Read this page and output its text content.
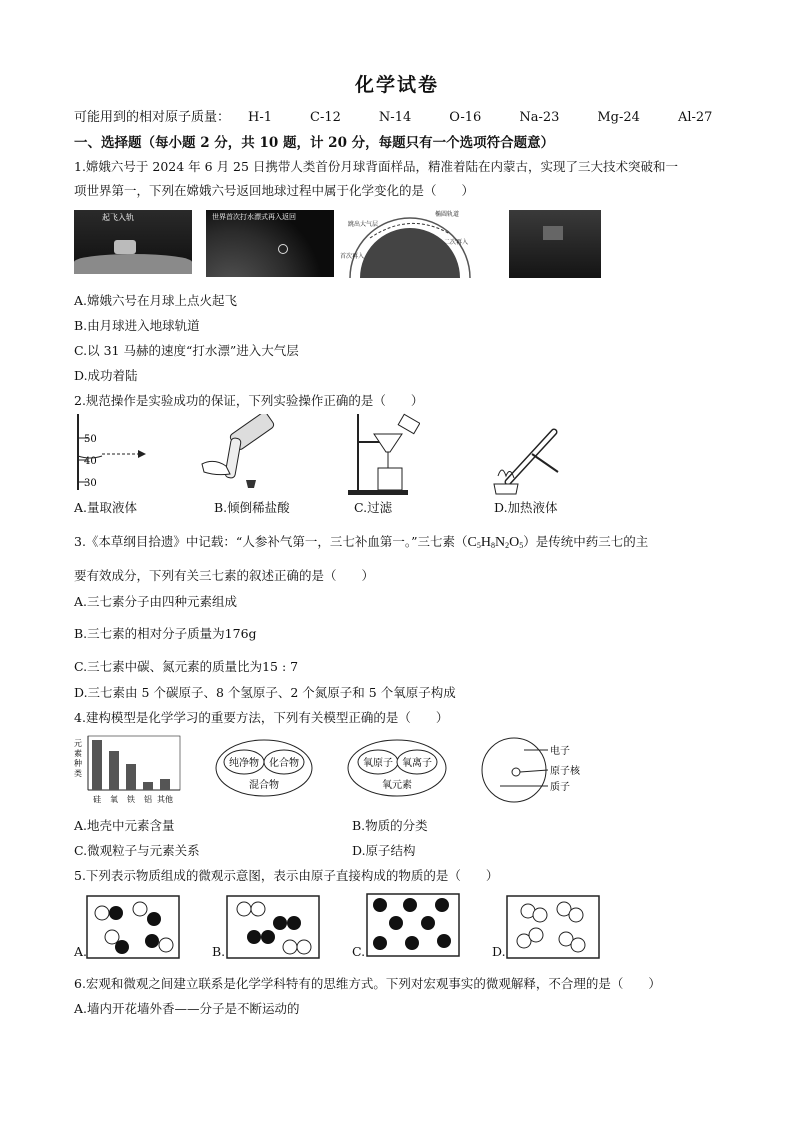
化学试卷
可能用到的相对原子质量： H-1	C-12	N-14	O-16	Na-23	Mg-24	Al-27
一、选择题（每小题 2 分，共 10 题，计 20 分，每题只有一个选项符合题意）
1.嫦娥六号于 2024 年 6 月 25 日携带人类首份月球背面样品，精准着陆在内蒙古，实现了三大技术突破和一
项世界第一，下列在嫦娥六号返回地球过程中属于化学变化的是（　　）
起飞入轨	世界首次打水漂式再入返回
跳出大气层
椭圆轨道
二次再入
首次再入
A.嫦娥六号在月球上点火起飞
B.由月球进入地球轨道
C.以 31 马赫的速度“打水漂”进入大气层
D.成功着陆
2.规范操作是实验成功的保证，下列实验操作正确的是（　　）
50
40
30
A.量取液体	B.倾倒稀盐酸	C.过滤	D.加热液体
3.《本草纲目拾遗》中记载：“人参补气第一，三七补血第一。”三七素$(C_5H_8N_2O_5)$是传统中药三七的主
要有效成分，下列有关三七素的叙述正确的是（　　）
A.三七素分子由四种元素组成
B.三七素的相对分子质量为176g
C.三七素中碳、氮元素的质量比为15 : 7
D.三七素由 5 个碳原子、8 个氢原子、2 个氮原子和 5 个氧原子构成
4.建构模型是化学学习的重要方法，下列有关模型正确的是（　　）
元
素
种
类
硅 氧 铁 铝 其他
纯净物 化合物
混合物
氧原子 氧离子
氧元素
电子
原子核
质子
A.地壳中元素含量	B.物质的分类
C.微观粒子与元素关系	D.原子结构
5.下列表示物质组成的微观示意图，表示由原子直接构成的物质的是（　　）
A.	B.	C.	D.
6.宏观和微观之间建立联系是化学学科特有的思维方式。下列对宏观事实的微观解释，不合理的是（　　）
A.墙内开花墙外香——分子是不断运动的
